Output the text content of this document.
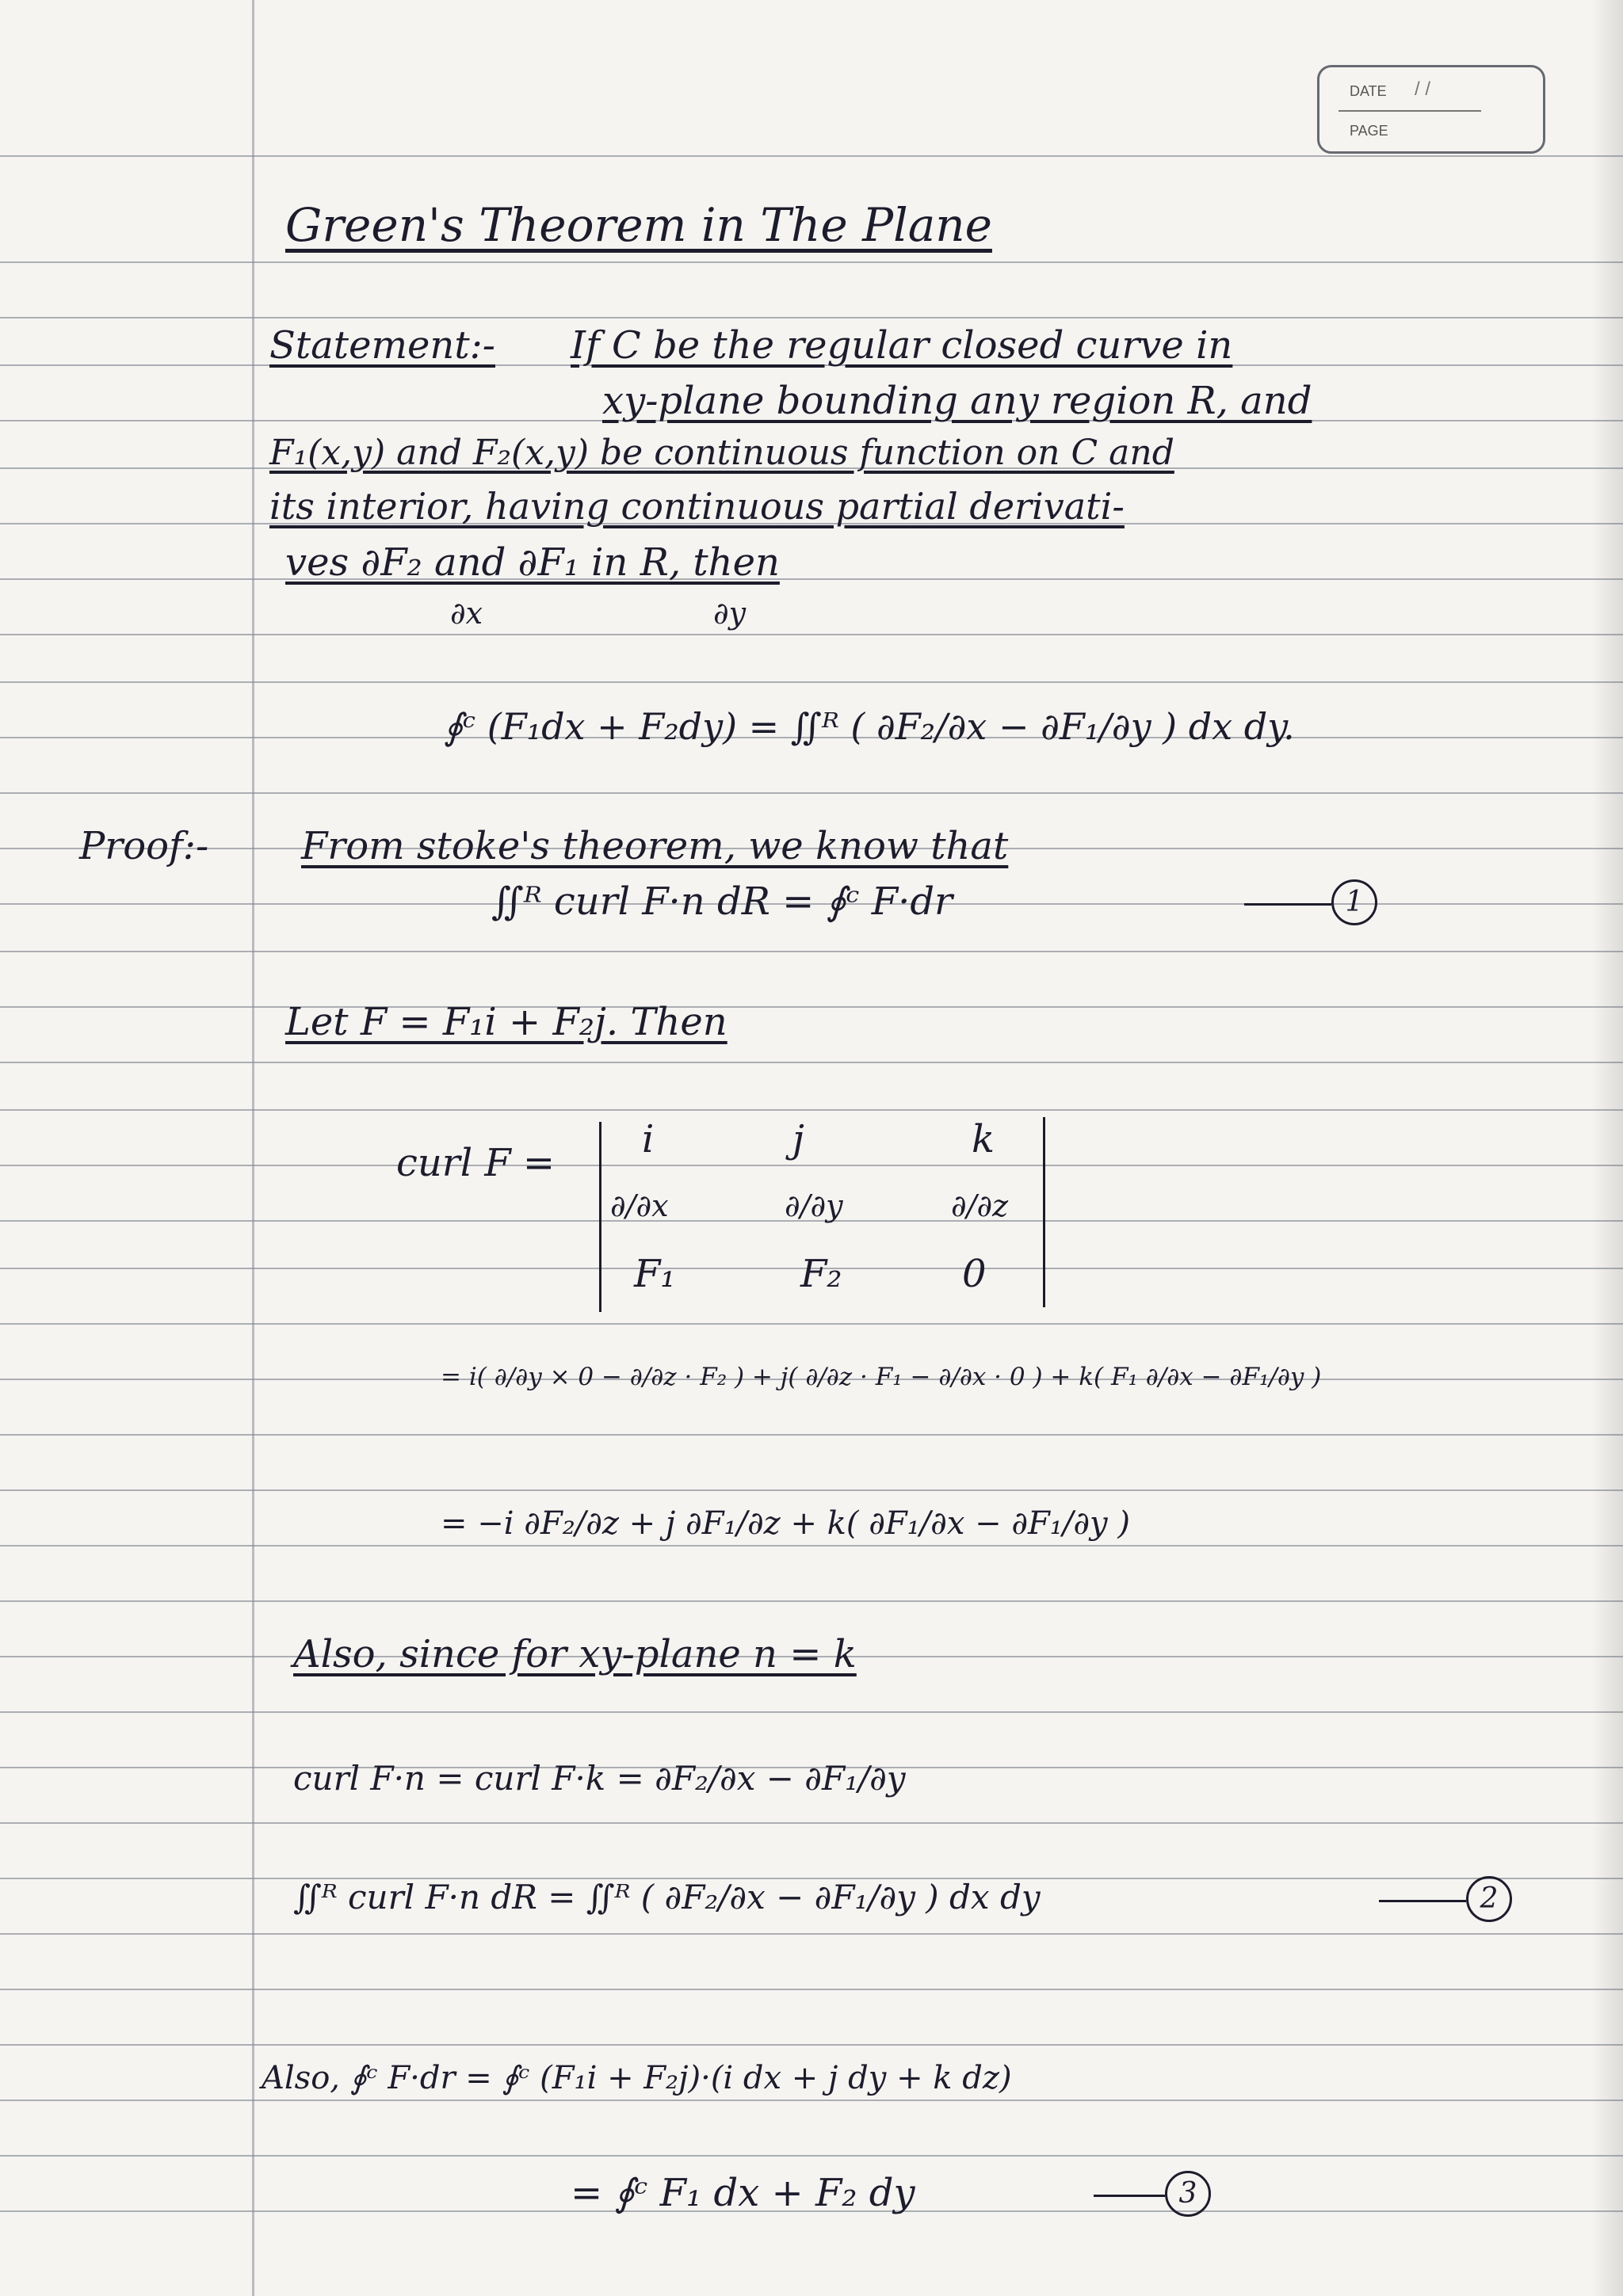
DATE / /
PAGE
Green's Theorem in The Plane
Statement:- If C be the regular closed curve in
xy-plane bounding any region R, and
F₁(x,y) and F₂(x,y) be continuous function on C and
its interior, having continuous partial derivati-
ves ∂F₂ and ∂F₁ in R, then
∂x	∂y
∮ᶜ (F₁dx + F₂dy) = ∬ᴿ ( ∂F₂/∂x − ∂F₁/∂y ) dx dy.
Proof:- From stoke's theorem, we know that
∬ᴿ curl F·n dR = ∮ᶜ F·dr	1
Let F = F₁i + F₂j. Then
curl F =
i	j	k
∂/∂x	∂/∂y	∂/∂z
F₁	F₂	0
= i( ∂/∂y × 0 − ∂/∂z · F₂ ) + j( ∂/∂z · F₁ − ∂/∂x · 0 ) + k( F₁ ∂/∂x − ∂F₁/∂y )
= −i ∂F₂/∂z + j ∂F₁/∂z + k( ∂F₁/∂x − ∂F₁/∂y )
Also, since for xy-plane n = k
curl F·n = curl F·k = ∂F₂/∂x − ∂F₁/∂y
∬ᴿ curl F·n dR = ∬ᴿ ( ∂F₂/∂x − ∂F₁/∂y ) dx dy	2
Also, ∮ᶜ F·dr = ∮ᶜ (F₁i + F₂j)·(i dx + j dy + k dz)
= ∮ᶜ F₁ dx + F₂ dy	3
